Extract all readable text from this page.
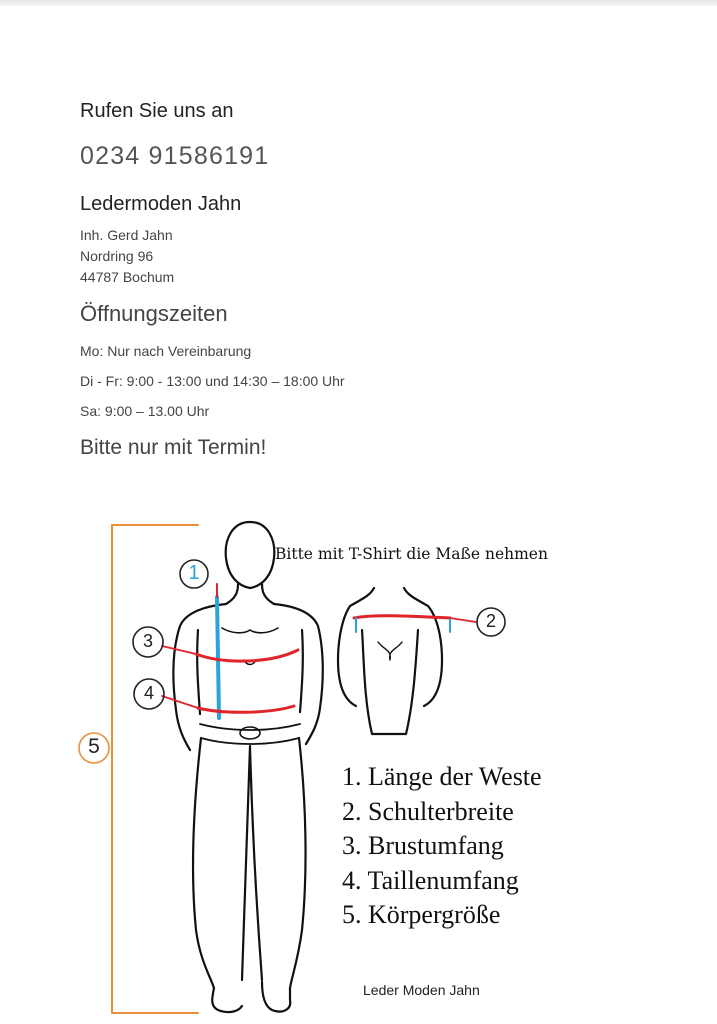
Rufen Sie uns an
0234 91586191
Ledermoden Jahn
Inh. Gerd Jahn
Nordring 96
44787 Bochum
Öffnungszeiten
Mo: Nur nach Vereinbarung
Di - Fr: 9:00 - 13:00 und 14:30 – 18:00 Uhr
Sa: 9:00 – 13.00 Uhr
Bitte nur mit Termin!
1
2
3
4
5
Bitte mit T-Shirt die Maße nehmen
1. Länge der Weste
2. Schulterbreite
3. Brustumfang
4. Taillenumfang
5. Körpergröße
Leder Moden Jahn
